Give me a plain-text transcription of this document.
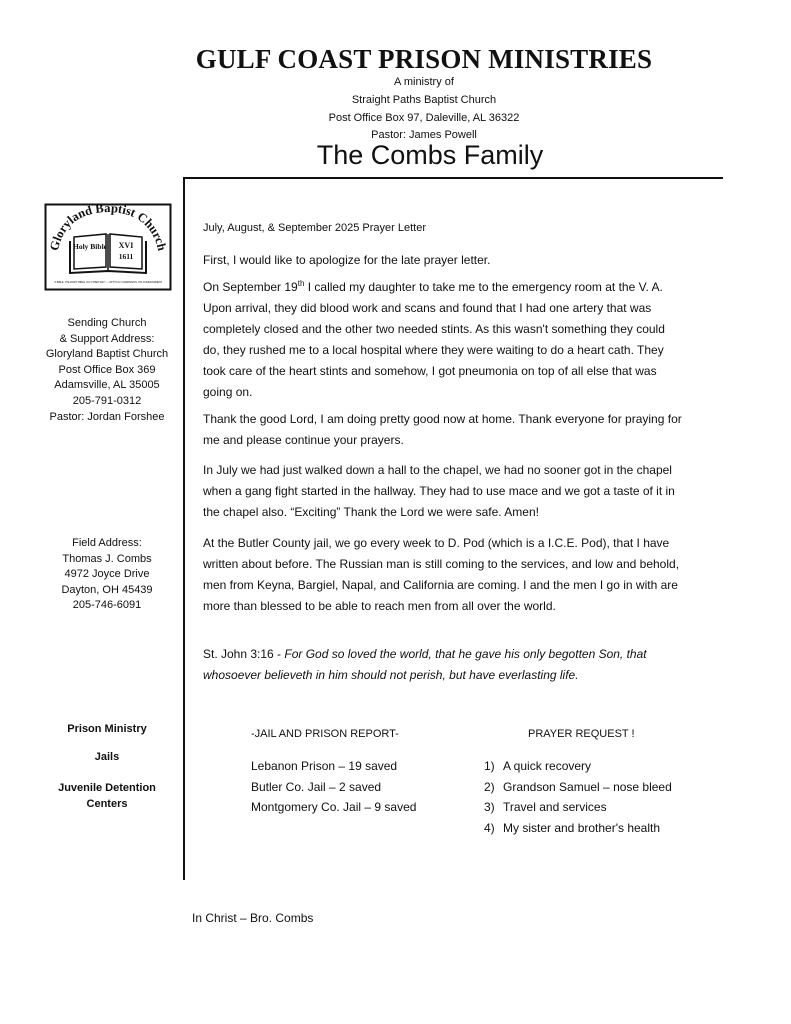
GULF COAST PRISON MINISTRIES
A ministry of
Straight Paths Baptist Church
Post Office Box 97, Daleville, AL 36322
Pastor: James Powell
The Combs Family
Gloryland Baptist Church
Holy Bible XVI
1611
"A BIBLE, THE RIGHT BIBLE, NO OTHER WAY" — WITH KJV COMMISSION, HIS COMMANDMENT
Sending Church
& Support Address:
Gloryland Baptist Church
Post Office Box 369
Adamsville, AL 35005
205-791-0312
Pastor: Jordan Forshee
Field Address:
Thomas J. Combs
4972 Joyce Drive
Dayton, OH 45439
205-746-6091
Prison Ministry
Jails
Juvenile Detention
Centers
July, August, & September 2025 Prayer Letter

First, I would like to apologize for the late prayer letter.

On September 19th I called my daughter to take me to the emergency room at the V. A. Upon arrival, they did blood work and scans and found that I had one artery that was completely closed and the other two needed stints. As this wasn't something they could do, they rushed me to a local hospital where they were waiting to do a heart cath. They took care of the heart stints and somehow, I got pneumonia on top of all else that was going on.

Thank the good Lord, I am doing pretty good now at home. Thank everyone for praying for me and please continue your prayers.

In July we had just walked down a hall to the chapel, we had no sooner got in the chapel when a gang fight started in the hallway. They had to use mace and we got a taste of it in the chapel also. “Exciting” Thank the Lord we were safe. Amen!

At the Butler County jail, we go every week to D. Pod (which is a I.C.E. Pod), that I have written about before. The Russian man is still coming to the services, and low and behold, men from Keyna, Bargiel, Napal, and California are coming. I and the men I go in with are more than blessed to be able to reach men from all over the world.

St. John 3:16 - For God so loved the world, that he gave his only begotten Son, that whosoever believeth in him should not perish, but have everlasting life.

-JAIL AND PRISON REPORT-
Lebanon Prison – 19 saved
Butler Co. Jail – 2 saved
Montgomery Co. Jail – 9 saved
PRAYER REQUEST !
1) A quick recovery
2) Grandson Samuel – nose bleed
3) Travel and services
4) My sister and brother's health
In Christ – Bro. Combs
